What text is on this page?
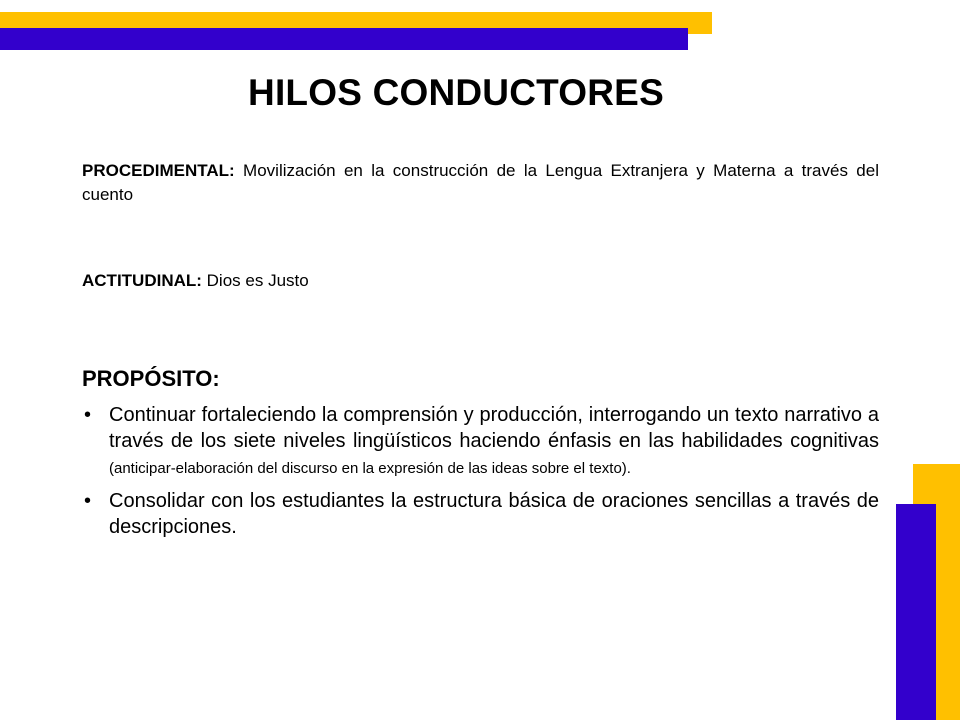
HILOS CONDUCTORES
PROCEDIMENTAL: Movilización en la construcción de la Lengua Extranjera y Materna a través del cuento
ACTITUDINAL: Dios es Justo
PROPÓSITO:
• Continuar fortaleciendo la comprensión y producción, interrogando un texto narrativo a través de los siete niveles lingüísticos haciendo énfasis en las habilidades cognitivas (anticipar-elaboración del discurso en la expresión de las ideas sobre el texto).
• Consolidar con los estudiantes la estructura básica de oraciones sencillas a través de descripciones.
